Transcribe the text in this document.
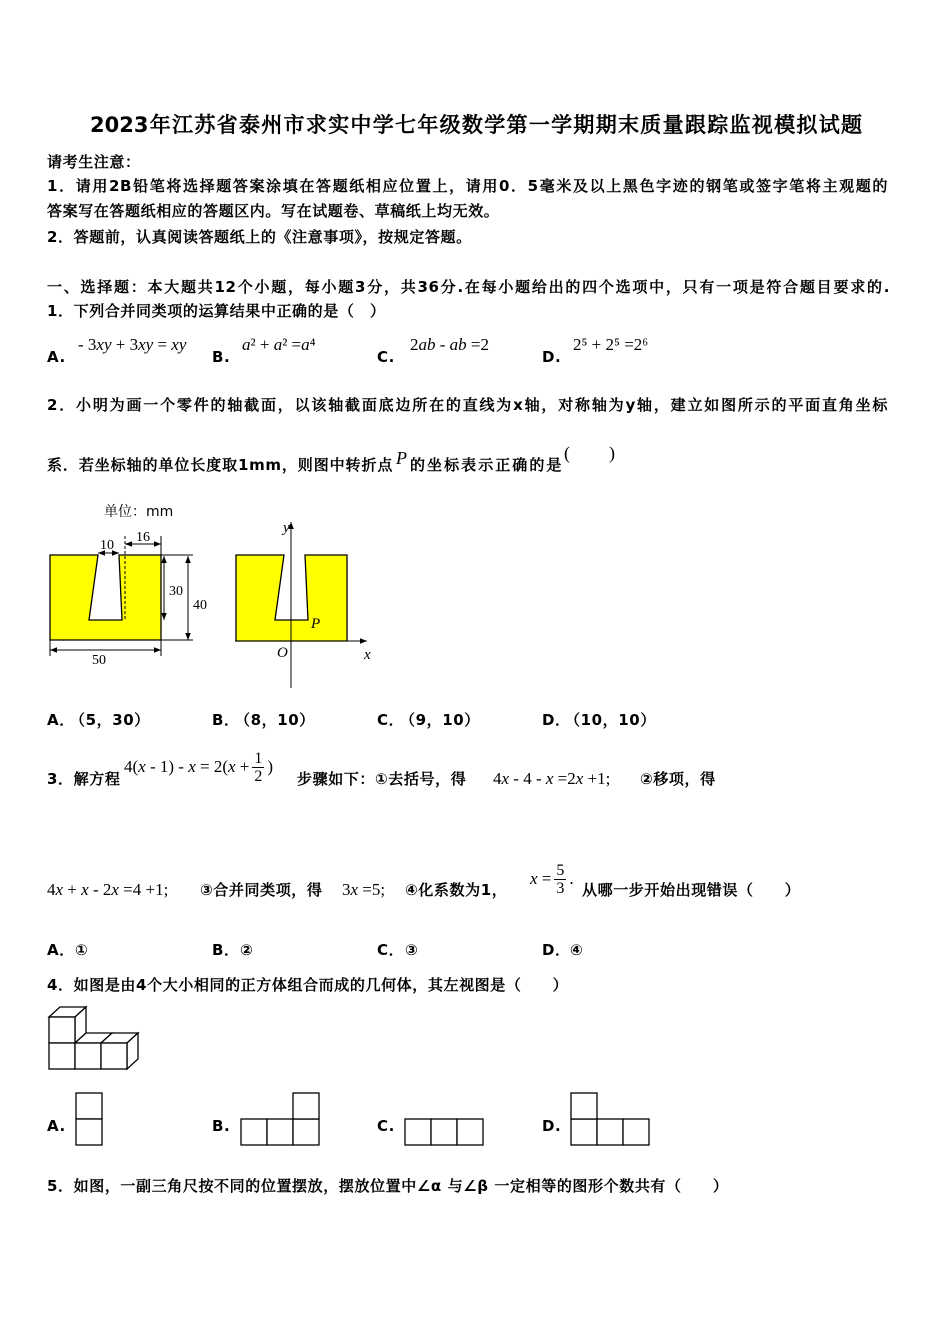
单位：mm
10
16
30
40
50
y
x
O
P
2023年江苏省泰州市求实中学七年级数学第一学期期末质量跟踪监视模拟试题
请考生注意：
1．请用2B铅笔将选择题答案涂填在答题纸相应位置上，请用0．5毫米及以上黑色字迹的钢笔或签字笔将主观题的
答案写在答题纸相应的答题区内。写在试题卷、草稿纸上均无效。
2．答题前，认真阅读答题纸上的《注意事项》，按规定答题。
一、选择题：本大题共12个小题，每小题3分，共36分.在每小题给出的四个选项中，只有一项是符合题目要求的.
1．下列合并同类项的运算结果中正确的是（　）
A.
- 3xy + 3xy = xy
B.
a² + a² =a⁴
C.
2ab - ab =2
D.
2⁵ + 2⁵ =2⁶
2．小明为画一个零件的轴截面，以该轴截面底边所在的直线为x轴，对称轴为y轴，建立如图所示的平面直角坐标
系．若坐标轴的单位长度取1mm，则图中转折点 P 的坐标表示正确的是
( )
A．
（5，30）	B．
（8，10）	C．
（9，10）	D．
（10，10）
3．解方程
$4(x - 1) - x = 2(x + \frac{1}{2}$ )
步骤如下：①去括号，得 4x - 4 - x =2x +1; ②移项，得
4x + x - 2x =4 +1; ③合并同类项，得 3x =5; ④化系数为1，
$x = \frac{5}{3}$ .
从哪一步开始出现错误（　　）
A． ①	B． ②	C． ③	D． ④
4．如图是由4个大小相同的正方体组合而成的几何体，其左视图是（　　）
A.	B.	C.	D.
5．如图，一副三角尺按不同的位置摆放，摆放位置中∠α 与∠β 一定相等的图形个数共有（　　）
